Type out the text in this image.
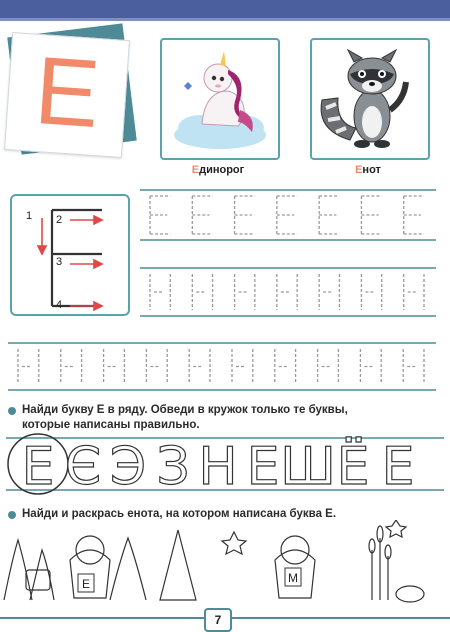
Е
Единорог	Енот
1 2
3
4
Найди букву Е в ряду. Обведи в кружок только те буквы,
которые написаны правильно.
Е Є Э З Н Е Ш Ё Е
Найди и раскрась енота, на котором написана буква Е.
Е	М
7
